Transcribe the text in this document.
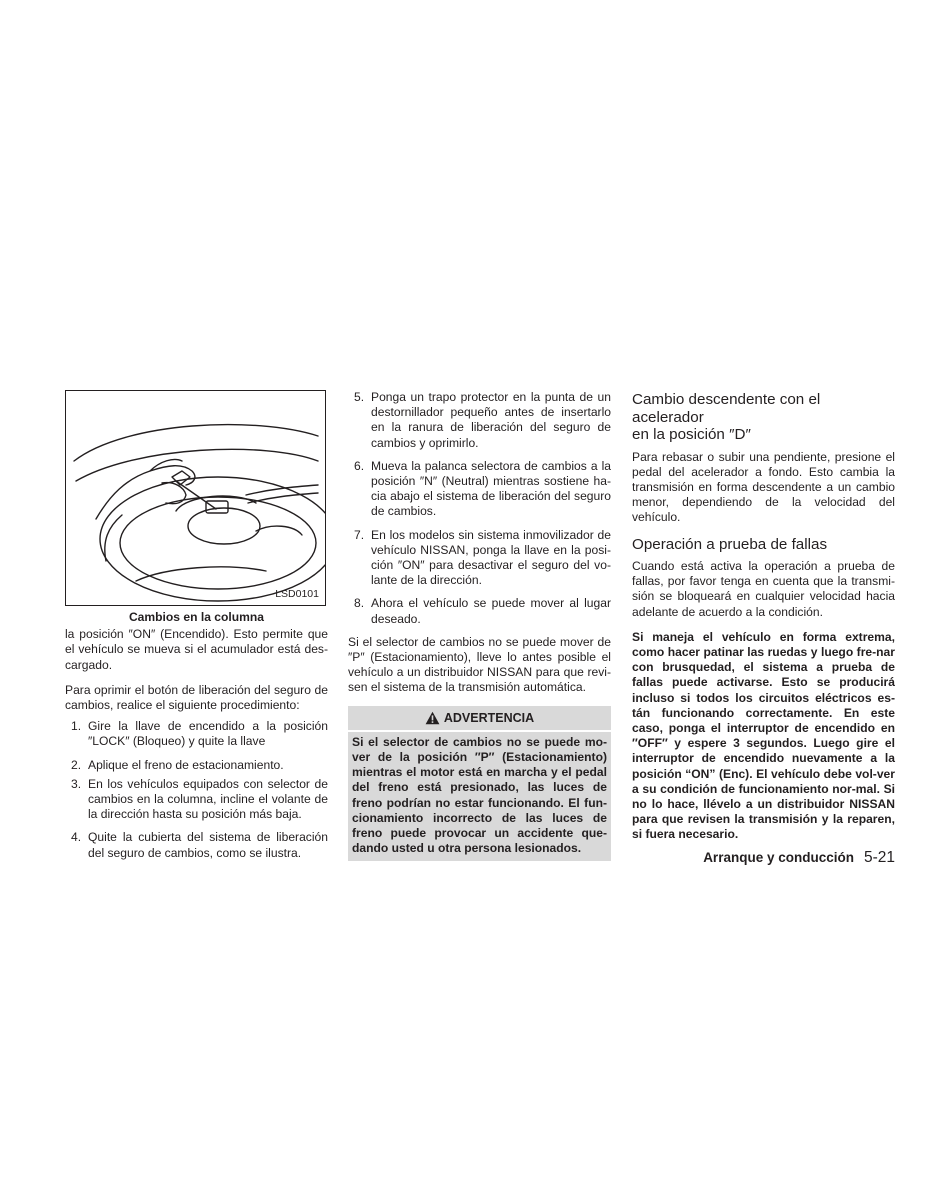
LSD0101
Cambios en la columna

la posición ″ON″ (Encendido). Esto permite que el vehículo se mueva si el acumulador está des-cargado.

Para oprimir el botón de liberación del seguro de cambios, realice el siguiente procedimiento:

1. Gire la llave de encendido a la posición ″LOCK″ (Bloqueo) y quite la llave
2. Aplique el freno de estacionamiento.
3. En los vehículos equipados con selector de cambios en la columna, incline el volante de la dirección hasta su posición más baja.
4. Quite la cubierta del sistema de liberación del seguro de cambios, como se ilustra.
5. Ponga un trapo protector en la punta de un destornillador pequeño antes de insertarlo en la ranura de liberación del seguro de cambios y oprimirlo.
6. Mueva la palanca selectora de cambios a la posición ″N″ (Neutral) mientras sostiene ha-cia abajo el sistema de liberación del seguro de cambios.
7. En los modelos sin sistema inmovilizador de vehículo NISSAN, ponga la llave en la posi-ción ″ON″ para desactivar el seguro del vo-lante de la dirección.
8. Ahora el vehículo se puede mover al lugar deseado.

Si el selector de cambios no se puede mover de ″P″ (Estacionamiento), lleve lo antes posible el vehículo a un distribuidor NISSAN para que revi-sen el sistema de la transmisión automática.

ADVERTENCIA
Si el selector de cambios no se puede mo-ver de la posición ″P″ (Estacionamiento) mientras el motor está en marcha y el pedal del freno está presionado, las luces de freno podrían no estar funcionando. El fun-cionamiento incorrecto de las luces de freno puede provocar un accidente que-dando usted u otra persona lesionados.
Cambio descendente con el
acelerador
en la posición ″D″

Para rebasar o subir una pendiente, presione el pedal del acelerador a fondo. Esto cambia la transmisión en forma descendente a un cambio menor, dependiendo de la velocidad del vehículo.

Operación a prueba de fallas

Cuando está activa la operación a prueba de fallas, por favor tenga en cuenta que la transmi-sión se bloqueará en cualquier velocidad hacia adelante de acuerdo a la condición.

Si maneja el vehículo en forma extrema, como hacer patinar las ruedas y luego fre-nar con brusquedad, el sistema a prueba de fallas puede activarse. Esto se producirá incluso si todos los circuitos eléctricos es-tán funcionando correctamente. En este caso, ponga el interruptor de encendido en ″OFF″ y espere 3 segundos. Luego gire el interruptor de encendido nuevamente a la posición “ON” (Enc). El vehículo debe vol-ver a su condición de funcionamiento nor-mal. Si no lo hace, llévelo a un distribuidor NISSAN para que revisen la transmisión y la reparen, si fuera necesario.

Arranque y conducción 5-21
